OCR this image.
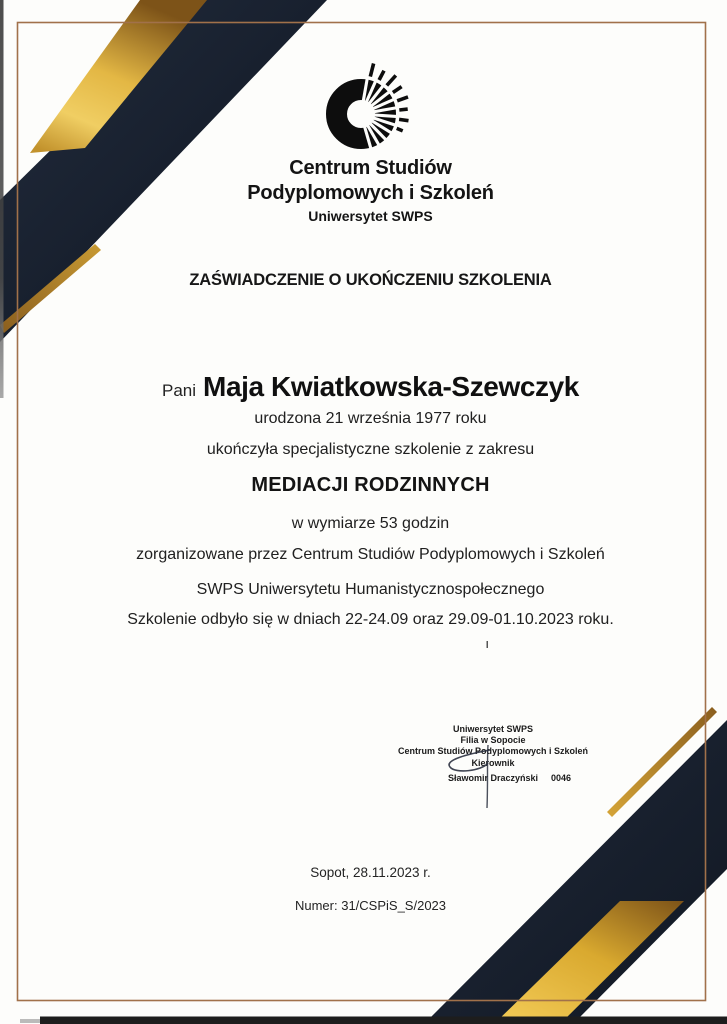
Centrum Studiów
Podyplomowych i Szkoleń
Uniwersytet SWPS
ZAŚWIADCZENIE O UKOŃCZENIU SZKOLENIA
Pani Maja Kwiatkowska-Szewczyk
urodzona 21 września 1977 roku
ukończyła specjalistyczne szkolenie z zakresu
MEDIACJI RODZINNYCH
w wymiarze 53 godzin
zorganizowane przez Centrum Studiów Podyplomowych i Szkoleń
SWPS Uniwersytetu Humanistycznospołecznego
Szkolenie odbyło się w dniach 22-24.09 oraz 29.09-01.10.2023 roku.
Uniwersytet SWPS
Filia w Sopocie
Centrum Studiów Podyplomowych i Szkoleń
Kierownik
Sławomir Draczyński 0046
Sopot, 28.11.2023 r.
Numer: 31/CSPiS_S/2023
